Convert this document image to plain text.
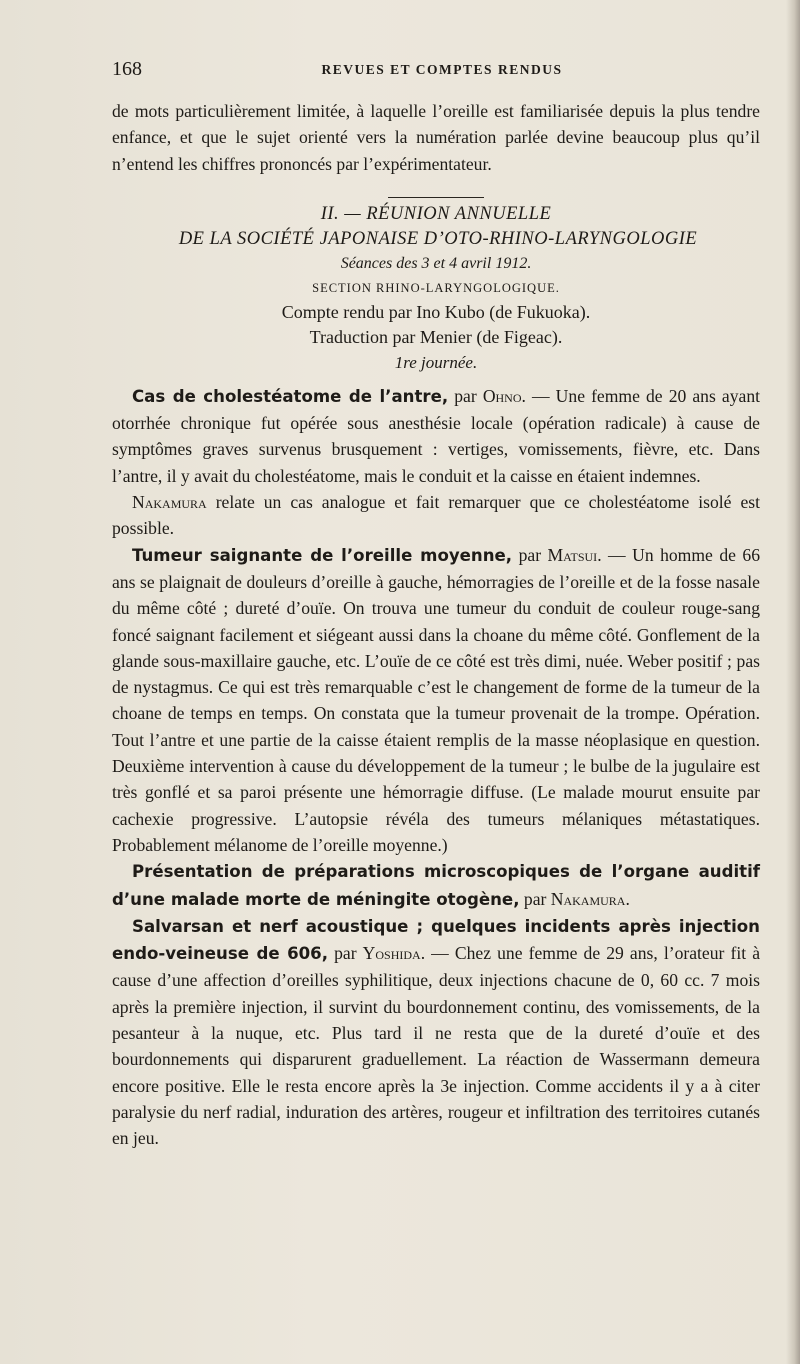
168	REVUES ET COMPTES RENDUS

de mots particulièrement limitée, à laquelle l’oreille est familiarisée depuis la plus tendre enfance, et que le sujet orienté vers la numération parlée devine beaucoup plus qu’il n’entend les chiffres prononcés par l’expérimentateur.

II. — RÉUNION ANNUELLE
DE LA SOCIÉTÉ JAPONAISE D’OTO-RHINO-LARYNGOLOGIE
Séances des 3 et 4 avril 1912.
SECTION RHINO-LARYNGOLOGIQUE.
Compte rendu par Ino Kubo (de Fukuoka).
Traduction par Menier (de Figeac).
1re journée.

Cas de cholestéatome de l’antre, par Ohno. — Une femme de 20 ans ayant otorrhée chronique fut opérée sous anesthésie locale (opération radicale) à cause de symptômes graves survenus brusquement : vertiges, vomissements, fièvre, etc. Dans l’antre, il y avait du cholestéatome, mais le conduit et la caisse en étaient indemnes.

Nakamura relate un cas analogue et fait remarquer que ce cholestéatome isolé est possible.

Tumeur saignante de l’oreille moyenne, par Matsui. — Un homme de 66 ans se plaignait de douleurs d’oreille à gauche, hémorragies de l’oreille et de la fosse nasale du même côté ; dureté d’ouïe. On trouva une tumeur du conduit de couleur rouge-sang foncé saignant facilement et siégeant aussi dans la choane du même côté. Gonflement de la glande sous-maxillaire gauche, etc. L’ouïe de ce côté est très dimi, nuée. Weber positif ; pas de nystagmus. Ce qui est très remarquable c’est le changement de forme de la tumeur de la choane de temps en temps. On constata que la tumeur provenait de la trompe. Opération. Tout l’antre et une partie de la caisse étaient remplis de la masse néoplasique en question. Deuxième intervention à cause du développement de la tumeur ; le bulbe de la jugulaire est très gonflé et sa paroi présente une hémorragie diffuse. (Le malade mourut ensuite par cachexie progressive. L’autopsie révéla des tumeurs mélaniques métastatiques. Probablement mélanome de l’oreille moyenne.)

Présentation de préparations microscopiques de l’organe auditif d’une malade morte de méningite otogène, par Nakamura.

Salvarsan et nerf acoustique ; quelques incidents après injection endo-veineuse de 606, par Yoshida. — Chez une femme de 29 ans, l’orateur fit à cause d’une affection d’oreilles syphilitique, deux injections chacune de 0, 60 cc. 7 mois après la première injection, il survint du bourdonnement continu, des vomissements, de la pesanteur à la nuque, etc. Plus tard il ne resta que de la dureté d’ouïe et des bourdonnements qui disparurent graduellement. La réaction de Wassermann demeura encore positive. Elle le resta encore après la 3e injection. Comme accidents il y a à citer paralysie du nerf radial, induration des artères, rougeur et infiltration des territoires cutanés en jeu.
